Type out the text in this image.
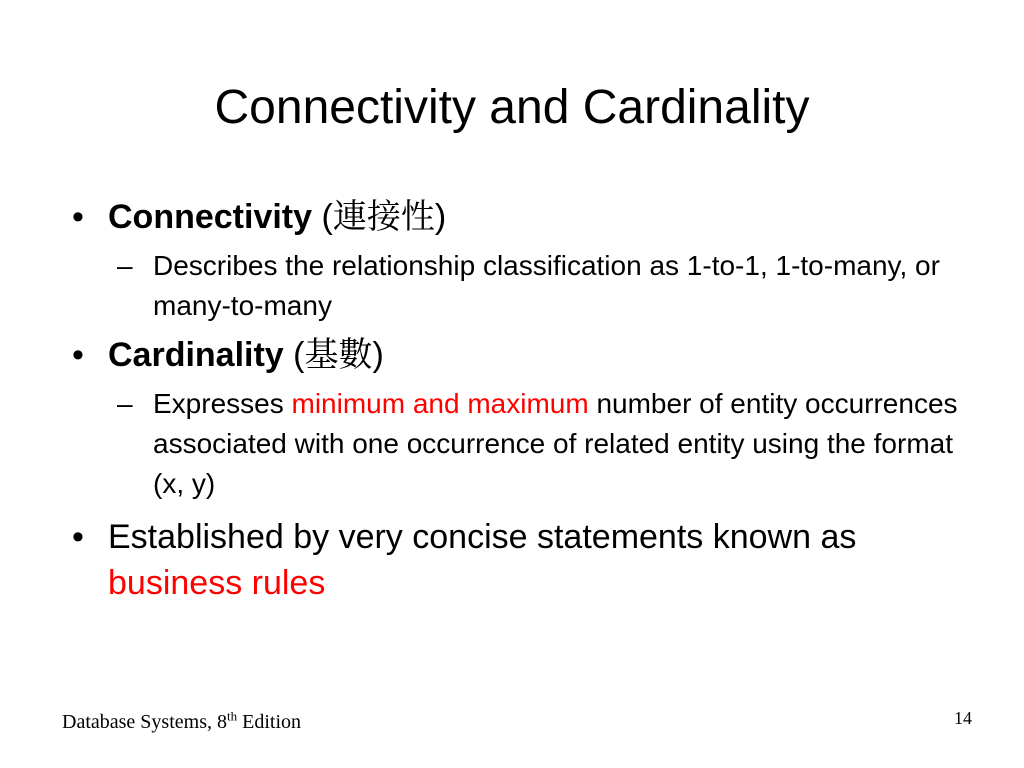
Connectivity and Cardinality
• Connectivity (連接性)
– Describes the relationship classification as 1-to-1, 1-to-many, or many-to-many
• Cardinality (基數)
– Expresses minimum and maximum number of entity occurrences associated with one occurrence of related entity using the format (x, y)
• Established by very concise statements known as business rules
Database Systems, 8th Edition	14
